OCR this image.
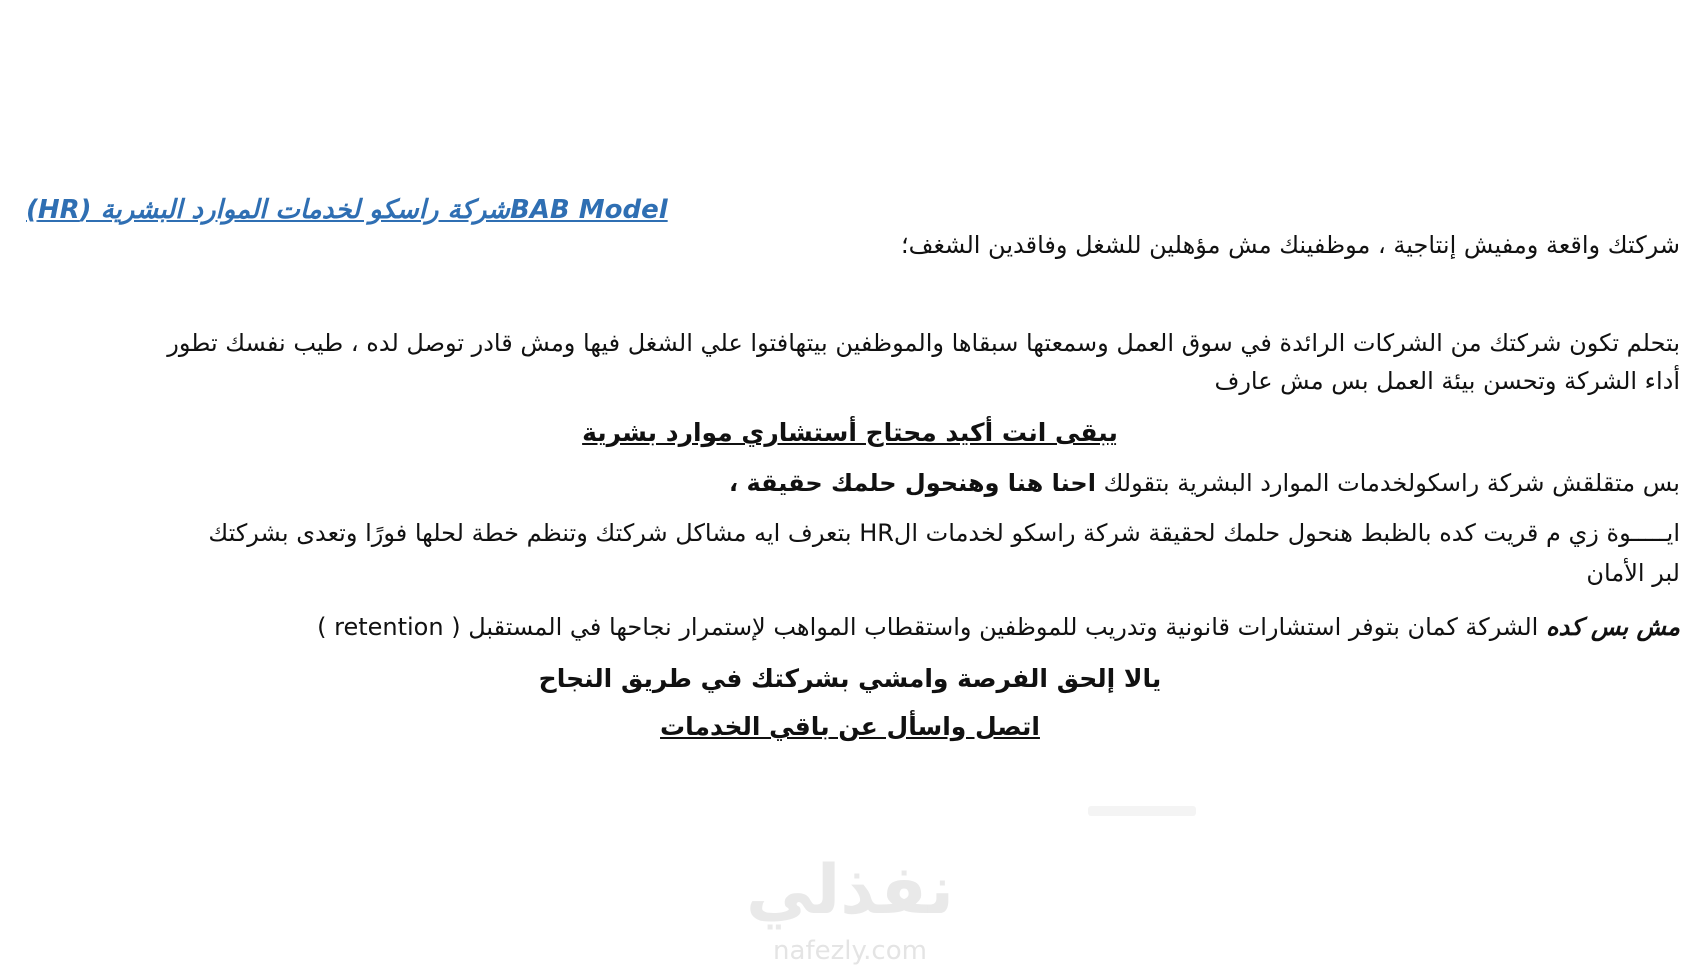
BAB Modelشركة راسكو لخدمات الموارد البشرية (HR)
شركتك واقعة ومفيش إنتاجية ، موظفينك مش مؤهلين للشغل وفاقدين الشغف؛
بتحلم تكون شركتك من الشركات الرائدة في سوق العمل وسمعتها سبقاها والموظفين بيتهافتوا علي الشغل فيها ومش قادر توصل لده ، طيب نفسك تطور
أداء الشركة وتحسن بيئة العمل بس مش عارف
يبقى انت أكيد محتاج أستشاري موارد بشرية
بس متقلقش شركة راسكولخدمات الموارد البشرية بتقولك احنا هنا وهنحول حلمك حقيقة ،
ايـــــوة زي م قريت كده بالظبط هنحول حلمك لحقيقة شركة راسكو لخدمات الHR بتعرف ايه مشاكل شركتك وتنظم خطة لحلها فورًا وتعدى بشركتك
لبر الأمان
مش بس كده الشركة كمان بتوفر استشارات قانونية وتدريب للموظفين واستقطاب المواهب لإستمرار نجاحها في المستقبل ( retention )
يالا إلحق الفرصة وامشي بشركتك في طريق النجاح
اتصل واسأل عن باقي الخدمات
نفذلي
nafezly.com
